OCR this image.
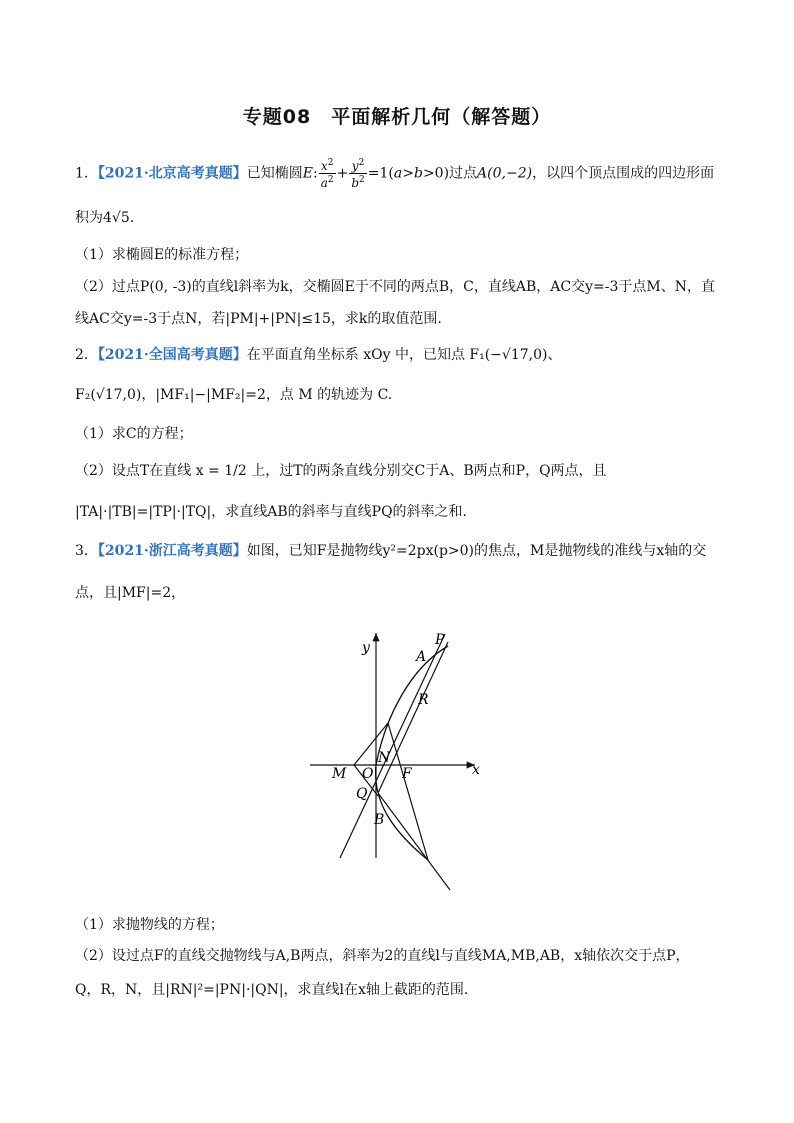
专题08　平面解析几何（解答题）
1．【2021·北京高考真题】已知椭圆E: $\frac{x^2}{a^2} + \frac{y^2}{b^2} =1(a>b>0)$过点A(0,−2)，以四个顶点围成的四边形面
积为4√5.
（1）求椭圆E的标准方程；
（2）过点P(0, -3)的直线l斜率为k，交椭圆E于不同的两点B，C，直线AB，AC交y=-3于点M、N，直
线AC交y=-3于点N，若|PM|+|PN|≤15，求k的取值范围.
2．【2021·全国高考真题】在平面直角坐标系 xOy 中，已知点 F₁(−√17,0)、
F₂(√17,0)，|MF₁|−|MF₂|=2，点 M 的轨迹为 C.
（1）求C的方程；
（2）设点T在直线 x = 1/2 上，过T的两条直线分别交C于A、B两点和P，Q两点，且
|TA|·|TB|=|TP|·|TQ|，求直线AB的斜率与直线PQ的斜率之和.
3．【2021·浙江高考真题】如图，已知F是抛物线y²=2px(p>0)的焦点，M是抛物线的准线与x轴的交
点，且|MF|=2，
y
x
P
A
R
N
M O F
Q
B
（1）求抛物线的方程；
（2）设过点F的直线交抛物线与A,B两点，斜率为2的直线l与直线MA,MB,AB，x轴依次交于点P，
Q，R，N，且|RN|²=|PN|·|QN|，求直线l在x轴上截距的范围.
